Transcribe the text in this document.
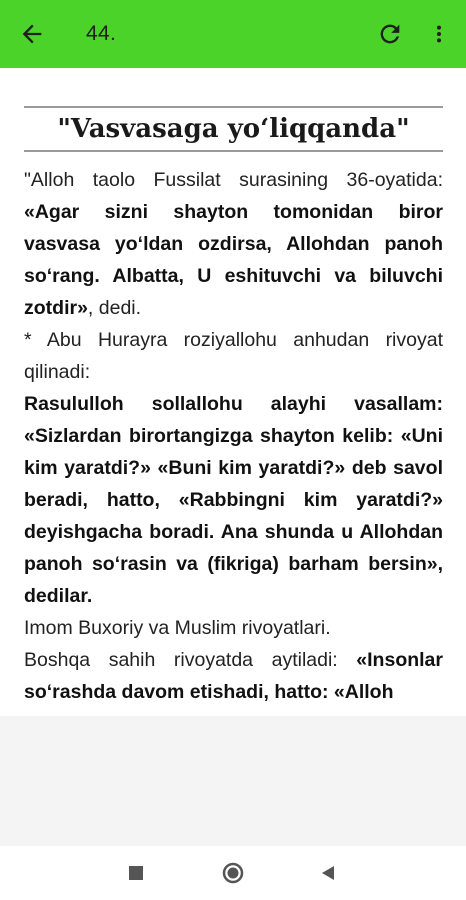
44.
"Vasvasaga yo‘liqqanda"

"Alloh taolo Fussilat surasining 36-oyatida: «Agar sizni shayton tomonidan biror vasvasa yo‘ldan ozdirsa, Allohdan panoh so‘rang. Albatta, U eshituvchi va biluvchi zotdir», dedi.

* Abu Hurayra roziyallohu anhudan rivoyat qilinadi:

Rasululloh sollallohu alayhi vasallam: «Sizlardan birortangizga shayton kelib: «Uni kim yaratdi?» «Buni kim yaratdi?» deb savol beradi, hatto, «Rabbingni kim yaratdi?» deyishgacha boradi. Ana shunda u Allohdan panoh so‘rasin va (fikriga) barham bersin», dedilar.

Imom Buxoriy va Muslim rivoyatlari.

Boshqa sahih rivoyatda aytiladi: «Insonlar so‘rashda davom etishadi, hatto: «Alloh
